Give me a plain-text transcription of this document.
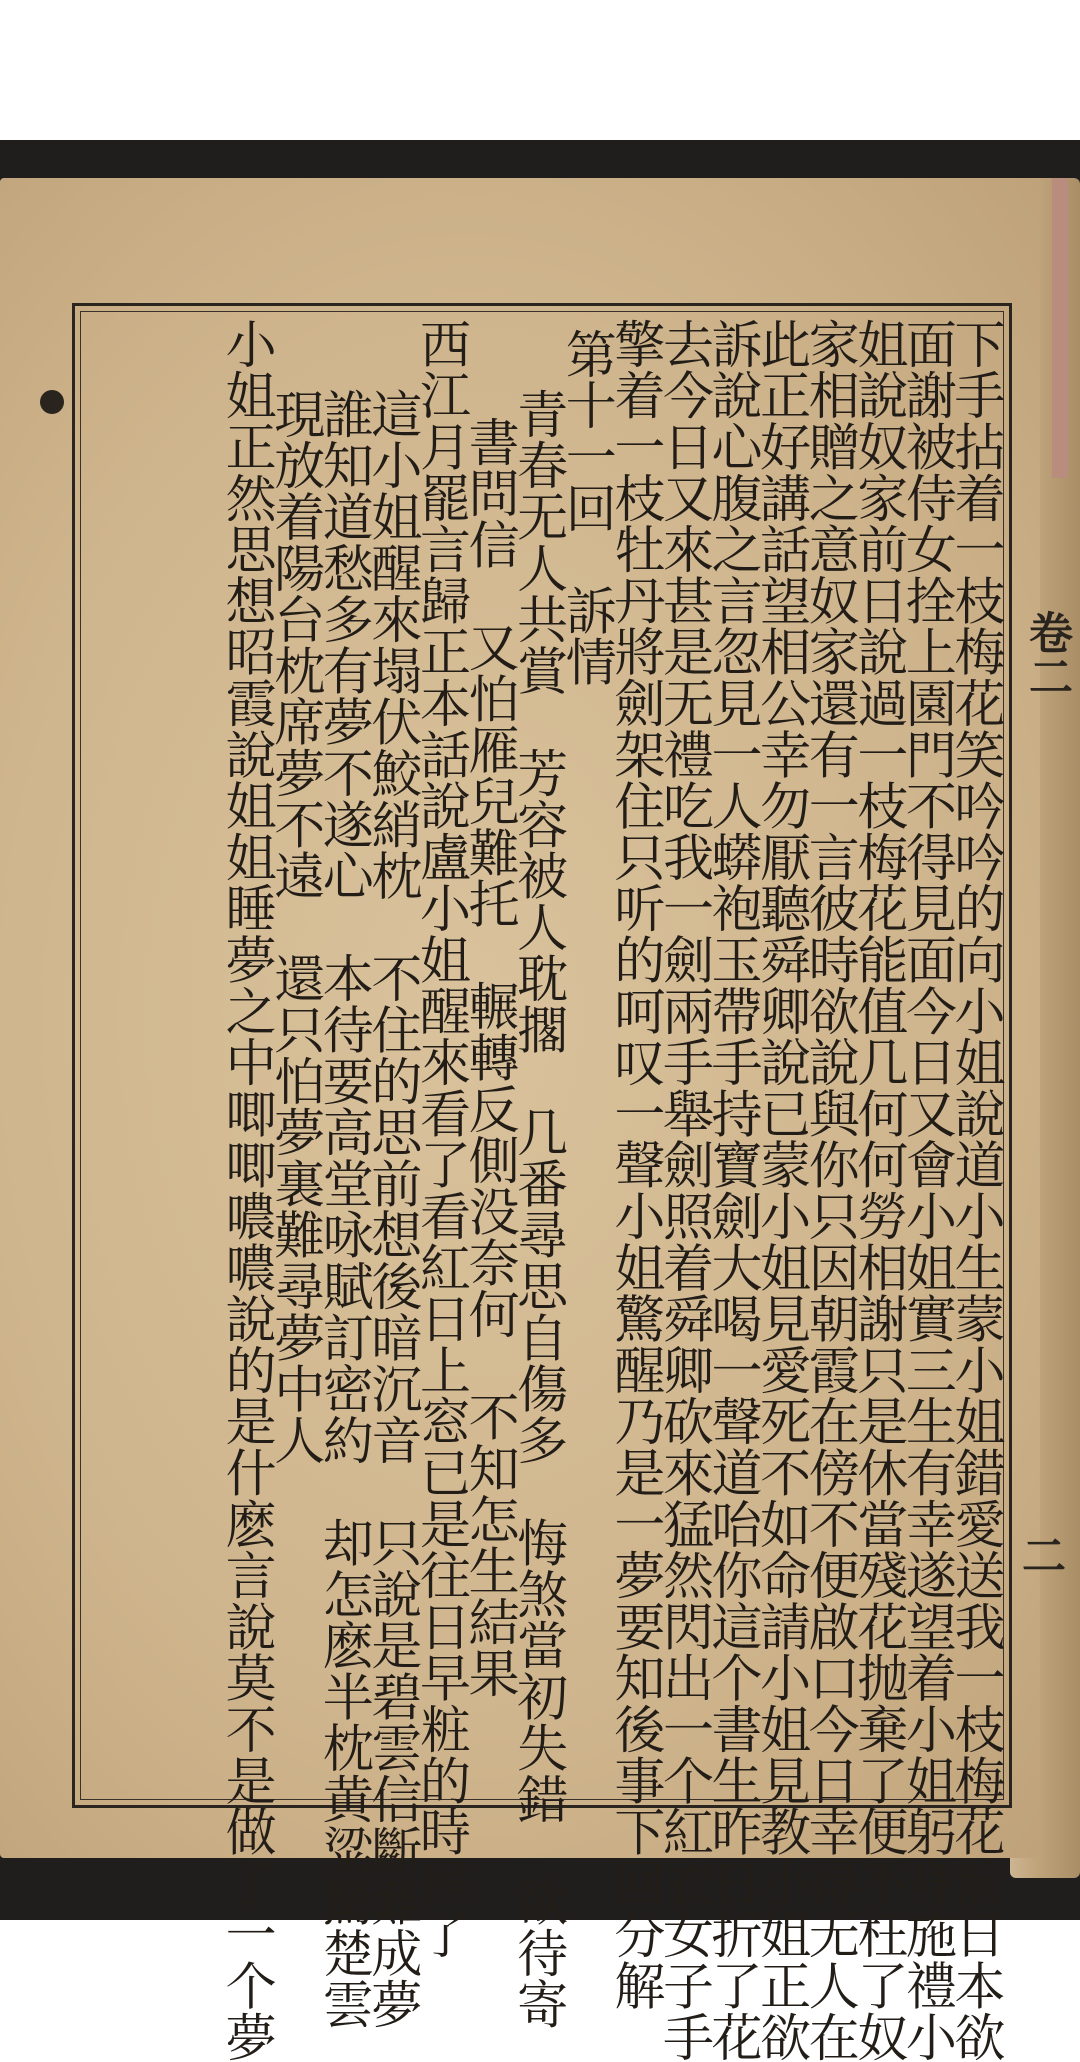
卷二
二
下手拈着一枝梅花笑吟吟的向小姐說道小生蒙小姐錯愛送我一枝梅花前日本欲
面謝被侍女拴上園門不得見面今日又會小姐實三生有幸遂望着小姐躬身施禮小
姐說奴家前日說過一枝梅花能值几何何勞相謝只是休當殘花抛棄了便不枉了奴
家相贈之意奴家還有一言彼時欲說與你只因朝霞在傍不便啟口今日幸得无人在
此正好講話望相公幸勿厭聽舜卿說已蒙小姐見愛死不如命請小姐見教小姐正欲
訴說心腹之言忽見一人蟒袍玉帶手持寶劍大喝一聲道咍你這个書生昨日折了花
去今日又來甚是无禮吃我一劍兩手舉劍照着舜卿砍來猛然閃出一个紅衣女子手
擎着一枝牡丹將劍架住只听的呵叹一聲小姐驚醒乃是一夢要知後事下回分解
第十一回　訴情
青春无人共賞　芳容被人耽擱　几番尋思自傷多　悔煞當初失錯　欲待寄
書問信　又怕雁兒難托　輾轉反側没奈何　不知怎生結果
西江月罷言歸正本話說盧小姐醒來看了看紅日上窓已是往日早粧的時候了
這小姐醒來塌伏鮫綃枕　不住的思前想後暗沉音　只說是碧雲信斷難成夢
誰知道愁多有夢不遂心　本待要高堂咏賦訂密約　却怎麽半枕黄粱驚楚雲
現放着陽台枕席夢不遠　還只怕夢裏難尋夢中人
小姐正然思想昭霞說姐姐睡夢之中唧唧噥噥說的是什麽言說莫不是做了一个夢
